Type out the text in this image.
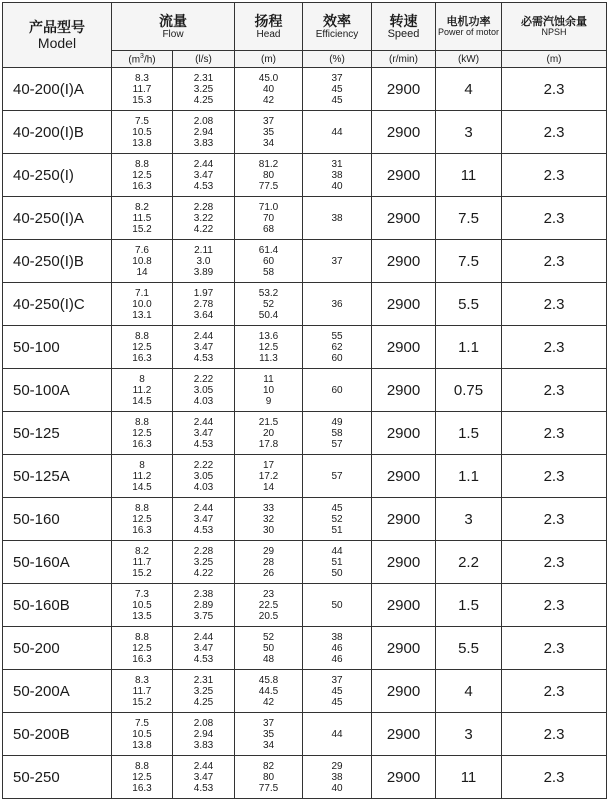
产品型号
Model	流量
Flow		扬程
Head	效率
Efficiency	转速
Speed	电机功率
Power of motor	必需汽蚀余量
NPSH

	$(m^3/h)$	(l/s)	(m)	(%)	(r/min)	(kW)	(m)
40-200(I)A	8.3
11.7
15.3	2.31
3.25
4.25	45.0
40
42	37
45
45	2900	4	2.3
40-200(I)B	7.5
10.5
13.8	2.08
2.94
3.83	37
35
34	44	2900	3	2.3
40-250(I)	8.8
12.5
16.3	2.44
3.47
4.53	81.2
80
77.5	31
38
40	2900	11	2.3
40-250(I)A	8.2
11.5
15.2	2.28
3.22
4.22	71.0
70
68	38	2900	7.5	2.3
40-250(I)B	7.6
10.8
14	2.11
3.0
3.89	61.4
60
58	37	2900	7.5	2.3
40-250(I)C	7.1
10.0
13.1	1.97
2.78
3.64	53.2
52
50.4	36	2900	5.5	2.3
50-100	8.8
12.5
16.3	2.44
3.47
4.53	13.6
12.5
11.3	55
62
60	2900	1.1	2.3
50-100A	8
11.2
14.5	2.22
3.05
4.03	11
10
9	60	2900	0.75	2.3
50-125	8.8
12.5
16.3	2.44
3.47
4.53	21.5
20
17.8	49
58
57	2900	1.5	2.3
50-125A	8
11.2
14.5	2.22
3.05
4.03	17
17.2
14	57	2900	1.1	2.3
50-160	8.8
12.5
16.3	2.44
3.47
4.53	33
32
30	45
52
51	2900	3	2.3
50-160A	8.2
11.7
15.2	2.28
3.25
4.22	29
28
26	44
51
50	2900	2.2	2.3
50-160B	7.3
10.5
13.5	2.38
2.89
3.75	23
22.5
20.5	50	2900	1.5	2.3
50-200	8.8
12.5
16.3	2.44
3.47
4.53	52
50
48	38
46
46	2900	5.5	2.3
50-200A	8.3
11.7
15.2	2.31
3.25
4.25	45.8
44.5
42	37
45
45	2900	4	2.3
50-200B	7.5
10.5
13.8	2.08
2.94
3.83	37
35
34	44	2900	3	2.3
50-250	8.8
12.5
16.3	2.44
3.47
4.53	82
80
77.5	29
38
40	2900	11	2.3
